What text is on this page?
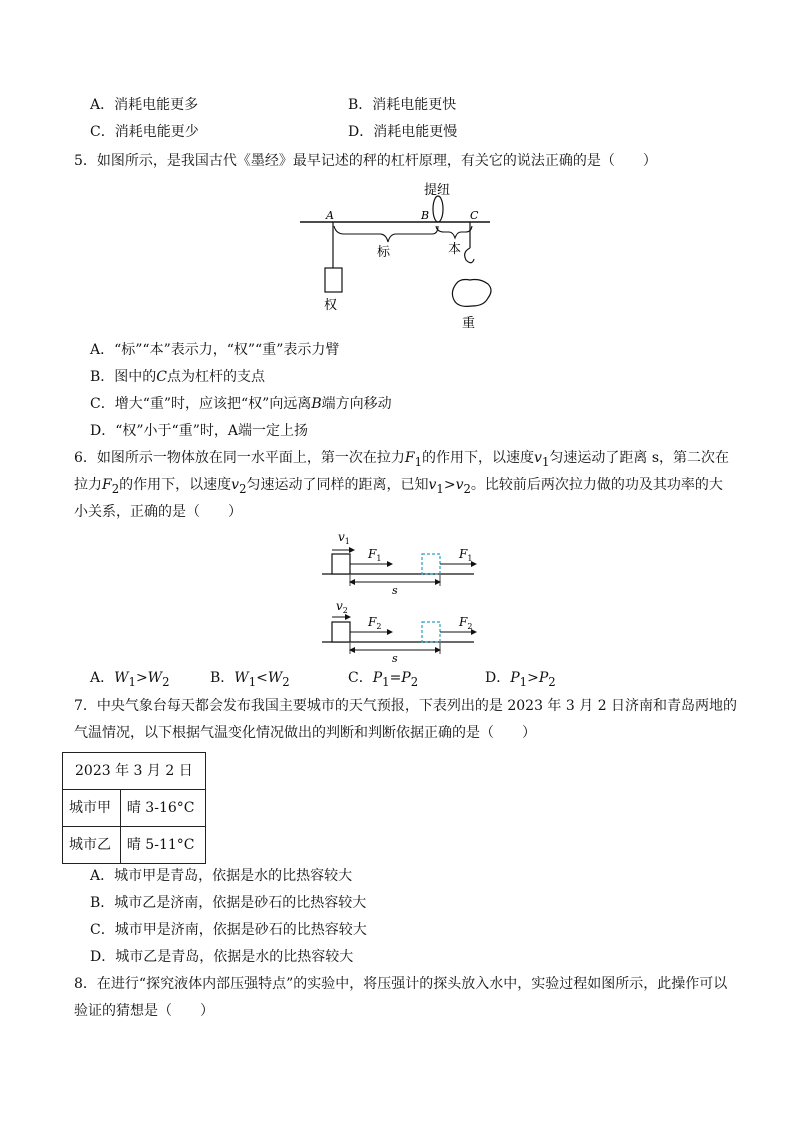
A．消耗电能更多	B．消耗电能更快
C．消耗电能更少	D．消耗电能更慢
5．如图所示，是我国古代《墨经》最早记述的秤的杠杆原理，有关它的说法正确的是（　　）
提纽
A	B	C
标	本
权
重
A．“标”“本”表示力，“权”“重”表示力臂
B．图中的C点为杠杆的支点
C．增大“重”时，应该把“权”向远离B端方向移动
D．“权”小于“重”时，A端一定上扬
6．如图所示一物体放在同一水平面上，第一次在拉力$F_1$的作用下，以速度$v_1$匀速运动了距离 s，第二次在
拉力$F_2$的作用下，以速度$v_2$匀速运动了同样的距离，已知$v_1>v_2$。比较前后两次拉力做的功及其功率的大
小关系，正确的是（　　）
$v_1$
$F_1$	$F_1$
s
$v_2$
$F_2$	$F_2$
s
A．$W_1>W_2$	B．$W_1<W_2$	C．$P_1=P_2$	D．$P_1>P_2$
7．中央气象台每天都会发布我国主要城市的天气预报，下表列出的是 2023 年 3 月 2 日济南和青岛两地的
气温情况，以下根据气温变化情况做出的判断和判断依据正确的是（　　）
2023 年 3 月 2 日	
城市甲	晴 3-16°C
城市乙	晴 5-11°C
A．城市甲是青岛，依据是水的比热容较大
B．城市乙是济南，依据是砂石的比热容较大
C．城市甲是济南，依据是砂石的比热容较大
D．城市乙是青岛，依据是水的比热容较大
8．在进行“探究液体内部压强特点”的实验中，将压强计的探头放入水中，实验过程如图所示，此操作可以
验证的猜想是（　　）
